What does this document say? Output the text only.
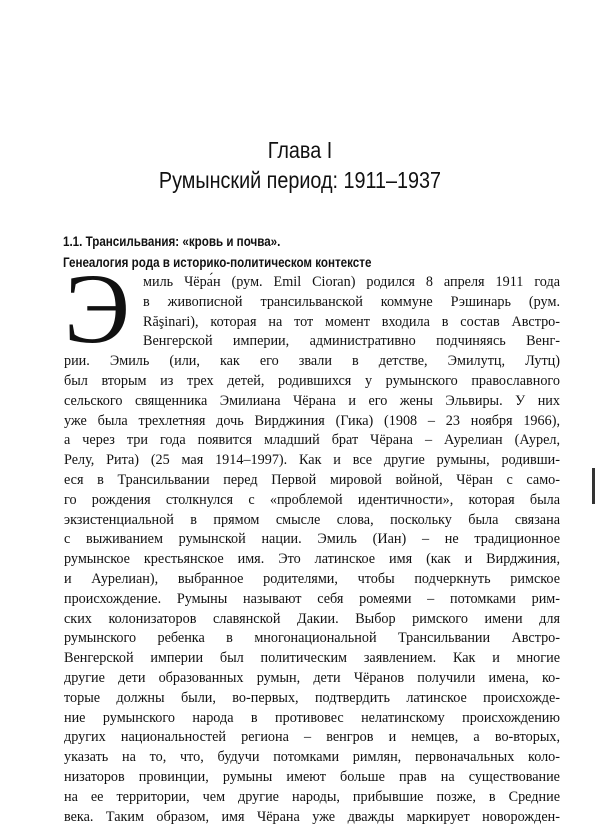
Глава I
Румынский период: 1911–1937
1.1. Трансильвания: «кровь и почва».
Генеалогия рода в историко-политическом контексте
Э миль Чёра́н (рум. Emil Cioran) родился 8 апреля 1911 года
в живописной трансильванской коммуне Рэшинарь (рум.
Răşinari), которая на тот момент входила в состав Австро-
Венгерской империи, административно подчиняясь Венг-
рии. Эмиль (или, как его звали в детстве, Эмилутц, Лутц)
был вторым из трех детей, родившихся у румынского православного
сельского священника Эмилиана Чёрана и его жены Эльвиры. У них
уже была трехлетняя дочь Вирджиния (Гика) (1908 – 23 ноября 1966),
а через три года появится младший брат Чёрана – Аурелиан (Аурел,
Релу, Рита) (25 мая 1914–1997). Как и все другие румыны, родивши-
еся в Трансильвании перед Первой мировой войной, Чёран с само-
го рождения столкнулся с «проблемой идентичности», которая была
экзистенциальной в прямом смысле слова, поскольку была связана
с выживанием румынской нации. Эмиль (Иан) – не традиционное
румынское крестьянское имя. Это латинское имя (как и Вирджиния,
и Аурелиан), выбранное родителями, чтобы подчеркнуть римское
происхождение. Румыны называют себя ромеями – потомками рим-
ских колонизаторов славянской Дакии. Выбор римского имени для
румынского ребенка в многонациональной Трансильвании Австро-
Венгерской империи был политическим заявлением. Как и многие
другие дети образованных румын, дети Чёранов получили имена, ко-
торые должны были, во-первых, подтвердить латинское происхожде-
ние румынского народа в противовес нелатинскому происхождению
других национальностей региона – венгров и немцев, а во-вторых,
указать на то, что, будучи потомками римлян, первоначальных коло-
низаторов провинции, румыны имеют больше прав на существование
на ее территории, чем другие народы, прибывшие позже, в Средние
века. Таким образом, имя Чёрана уже дважды маркирует новорожден-
